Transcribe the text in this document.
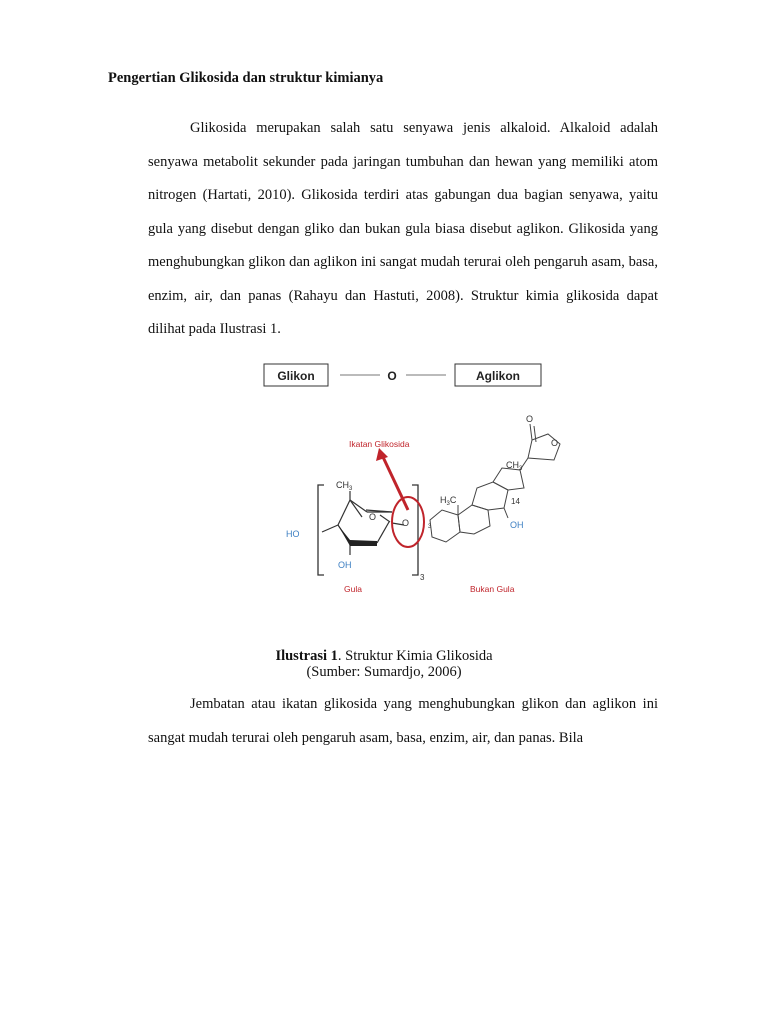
Pengertian Glikosida dan struktur kimianya
Glikosida merupakan salah satu senyawa jenis alkaloid. Alkaloid adalah senyawa metabolit sekunder pada jaringan tumbuhan dan hewan yang memiliki atom nitrogen (Hartati, 2010). Glikosida terdiri atas gabungan dua bagian senyawa, yaitu gula yang disebut dengan gliko dan bukan gula biasa disebut aglikon. Glikosida yang menghubungkan glikon dan aglikon ini sangat mudah terurai oleh pengaruh asam, basa, enzim, air, dan panas (Rahayu dan Hastuti, 2008). Struktur kimia glikosida dapat dilihat pada Ilustrasi 1.
Glikon	O	Aglikon
Ikatan Glikosida
3
$CH_3$
O
HO
OH
O	3
$H_3C$
$CH_3$
14
OH
O
O
Gula	Bukan Gula
Ilustrasi 1. Struktur Kimia Glikosida
(Sumber: Sumardjo, 2006)
Jembatan atau ikatan glikosida yang menghubungkan glikon dan aglikon ini sangat mudah terurai oleh pengaruh asam, basa, enzim, air, dan panas. Bila
